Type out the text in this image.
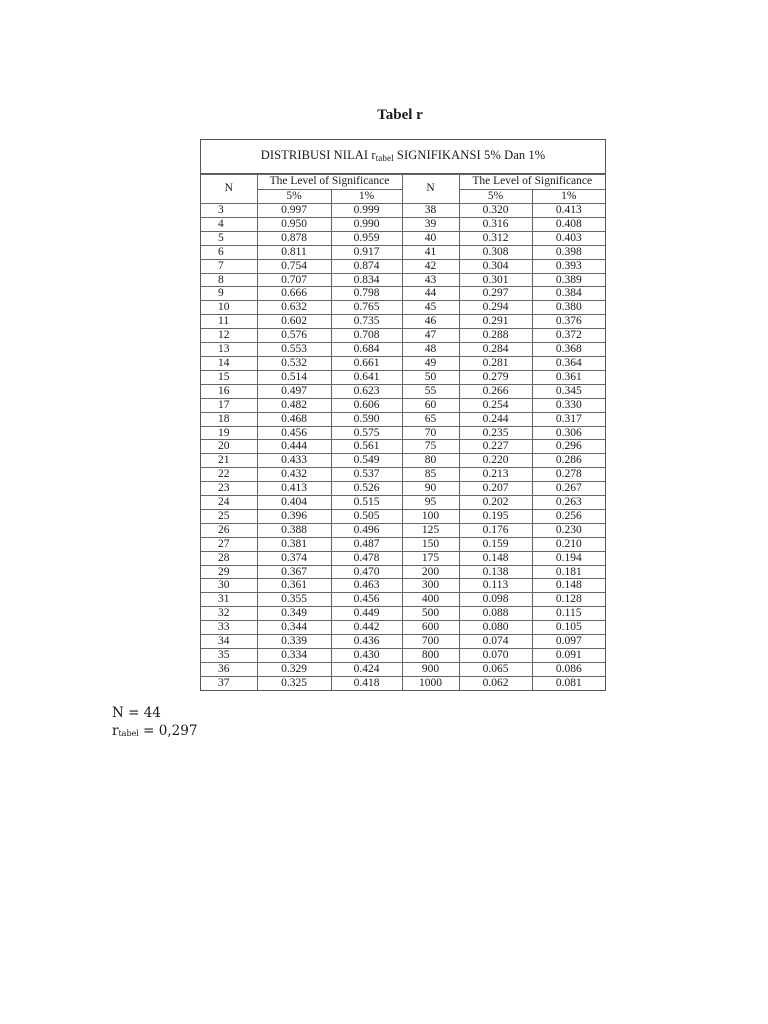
Tabel r
DISTRIBUSI NILAI $r_{tabel}$ SIGNIFIKANSI 5% Dan 1%
N	The Level of Significance		N	The Level of Significance	
	5%	1%		5%	1%
3	0.997	0.999	38	0.320	0.413
4	0.950	0.990	39	0.316	0.408
5	0.878	0.959	40	0.312	0.403
6	0.811	0.917	41	0.308	0.398
7	0.754	0.874	42	0.304	0.393
8	0.707	0.834	43	0.301	0.389
9	0.666	0.798	44	0.297	0.384
10	0.632	0.765	45	0.294	0.380
11	0.602	0.735	46	0.291	0.376
12	0.576	0.708	47	0.288	0.372
13	0.553	0.684	48	0.284	0.368
14	0.532	0.661	49	0.281	0.364
15	0.514	0.641	50	0.279	0.361
16	0.497	0.623	55	0.266	0.345
17	0.482	0.606	60	0.254	0.330
18	0.468	0.590	65	0.244	0.317
19	0.456	0.575	70	0.235	0.306
20	0.444	0.561	75	0.227	0.296
21	0.433	0.549	80	0.220	0.286
22	0.432	0.537	85	0.213	0.278
23	0.413	0.526	90	0.207	0.267
24	0.404	0.515	95	0.202	0.263
25	0.396	0.505	100	0.195	0.256
26	0.388	0.496	125	0.176	0.230
27	0.381	0.487	150	0.159	0.210
28	0.374	0.478	175	0.148	0.194
29	0.367	0.470	200	0.138	0.181
30	0.361	0.463	300	0.113	0.148
31	0.355	0.456	400	0.098	0.128
32	0.349	0.449	500	0.088	0.115
33	0.344	0.442	600	0.080	0.105
34	0.339	0.436	700	0.074	0.097
35	0.334	0.430	800	0.070	0.091
36	0.329	0.424	900	0.065	0.086
37	0.325	0.418	1000	0.062	0.081
N = 44
$r_{tabel} = 0,297$
